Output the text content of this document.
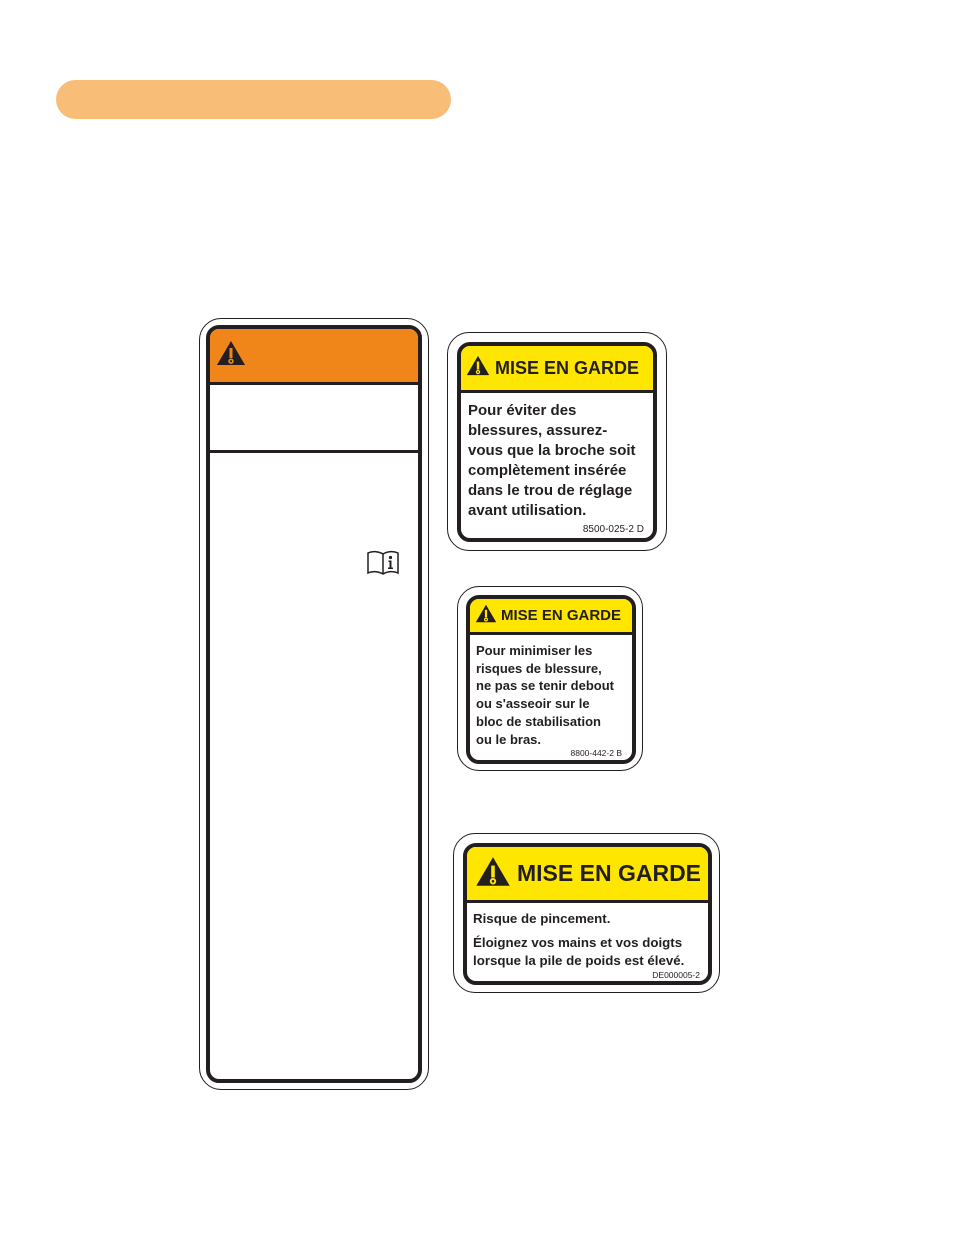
MISE EN GARDE
Pour éviter des
blessures, assurez-
vous que la broche soit
complètement insérée
dans le trou de réglage
avant utilisation.
8500-025-2 D
MISE EN GARDE
Pour minimiser les
risques de blessure,
ne pas se tenir debout
ou s'asseoir sur le
bloc de stabilisation
ou le bras.
8800-442-2 B
MISE EN GARDE
Risque de pincement.
Éloignez vos mains et vos doigts
lorsque la pile de poids est élevé.
DE000005-2
